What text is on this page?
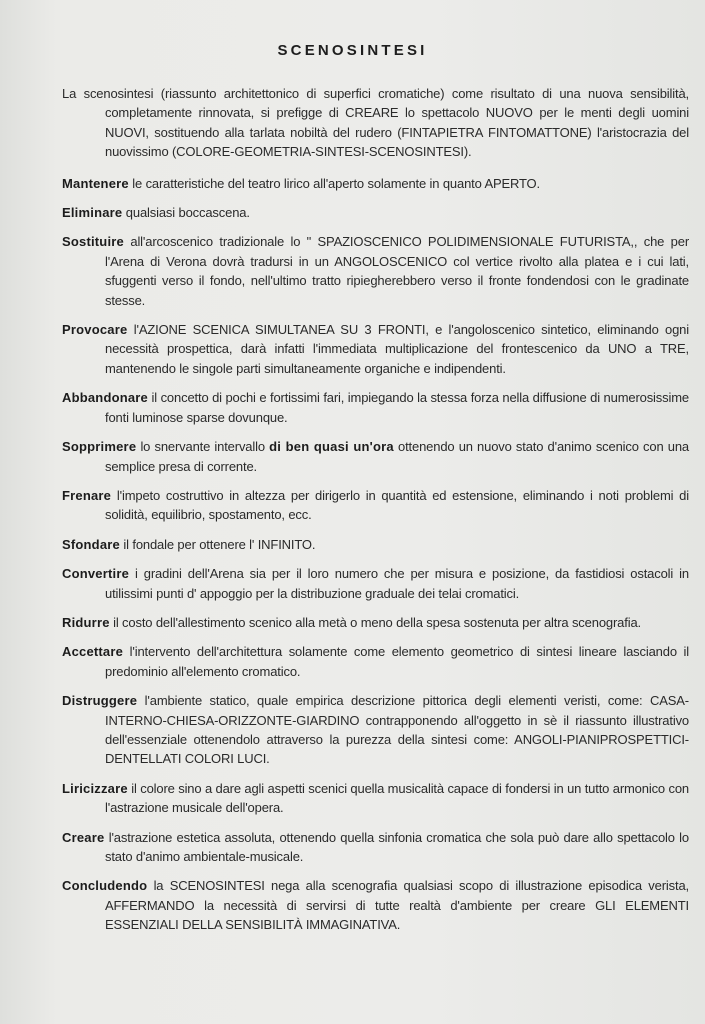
SCENOSINTESI

La scenosintesi (riassunto architettonico di superfici cromatiche) come risultato di una nuova sensibilità, completamente rinnovata, si prefigge di CREARE lo spettacolo NUOVO per le menti degli uomini NUOVI, sostituendo alla tarlata nobiltà del rudero (FINTAPIETRA FINTOMATTONE) l'aristocrazia del nuovissimo (COLORE-GEOMETRIA-SINTESI-SCENOSINTESI).

Mantenere le caratteristiche del teatro lirico all'aperto solamente in quanto APERTO.

Eliminare qualsiasi boccascena.

Sostituire all'arcoscenico tradizionale lo " SPAZIOSCENICO POLIDIMENSIONALE FUTURISTA,, che per l'Arena di Verona dovrà tradursi in un ANGOLOSCENICO col vertice rivolto alla platea e i cui lati, sfuggenti verso il fondo, nell'ultimo tratto ripiegherebbero verso il fronte fondendosi con le gradinate stesse.

Provocare l'AZIONE SCENICA SIMULTANEA SU 3 FRONTI, e l'angoloscenico sintetico, eliminando ogni necessità prospettica, darà infatti l'immediata multiplicazione del frontescenico da UNO a TRE, mantenendo le singole parti simultaneamente organiche e indipendenti.

Abbandonare il concetto di pochi e fortissimi fari, impiegando la stessa forza nella diffusione di numerosissime fonti luminose sparse dovunque.

Sopprimere lo snervante intervallo di ben quasi un'ora ottenendo un nuovo stato d'animo scenico con una semplice presa di corrente.

Frenare l'impeto costruttivo in altezza per dirigerlo in quantità ed estensione, eliminando i noti problemi di solidità, equilibrio, spostamento, ecc.

Sfondare il fondale per ottenere l' INFINITO.

Convertire i gradini dell'Arena sia per il loro numero che per misura e posizione, da fastidiosi ostacoli in utilissimi punti d' appoggio per la distribuzione graduale dei telai cromatici.

Ridurre il costo dell'allestimento scenico alla metà o meno della spesa sostenuta per altra scenografia.

Accettare l'intervento dell'architettura solamente come elemento geometrico di sintesi lineare lasciando il predominio all'elemento cromatico.

Distruggere l'ambiente statico, quale empirica descrizione pittorica degli elementi veristi, come: CASA-INTERNO-CHIESA-ORIZZONTE-GIARDINO contrapponendo all'oggetto in sè il riassunto illustrativo dell'essenziale ottenendolo attraverso la purezza della sintesi come: ANGOLI-PIANIPROSPETTICI-DENTELLATI COLORI LUCI.

Liricizzare il colore sino a dare agli aspetti scenici quella musicalità capace di fondersi in un tutto armonico con l'astrazione musicale dell'opera.

Creare l'astrazione estetica assoluta, ottenendo quella sinfonia cromatica che sola può dare allo spettacolo lo stato d'animo ambientale-musicale.

Concludendo la SCENOSINTESI nega alla scenografia qualsiasi scopo di illustrazione episodica verista, AFFERMANDO la necessità di servirsi di tutte realtà d'ambiente per creare GLI ELEMENTI ESSENZIALI DELLA SENSIBILITÀ IMMAGINATIVA.
